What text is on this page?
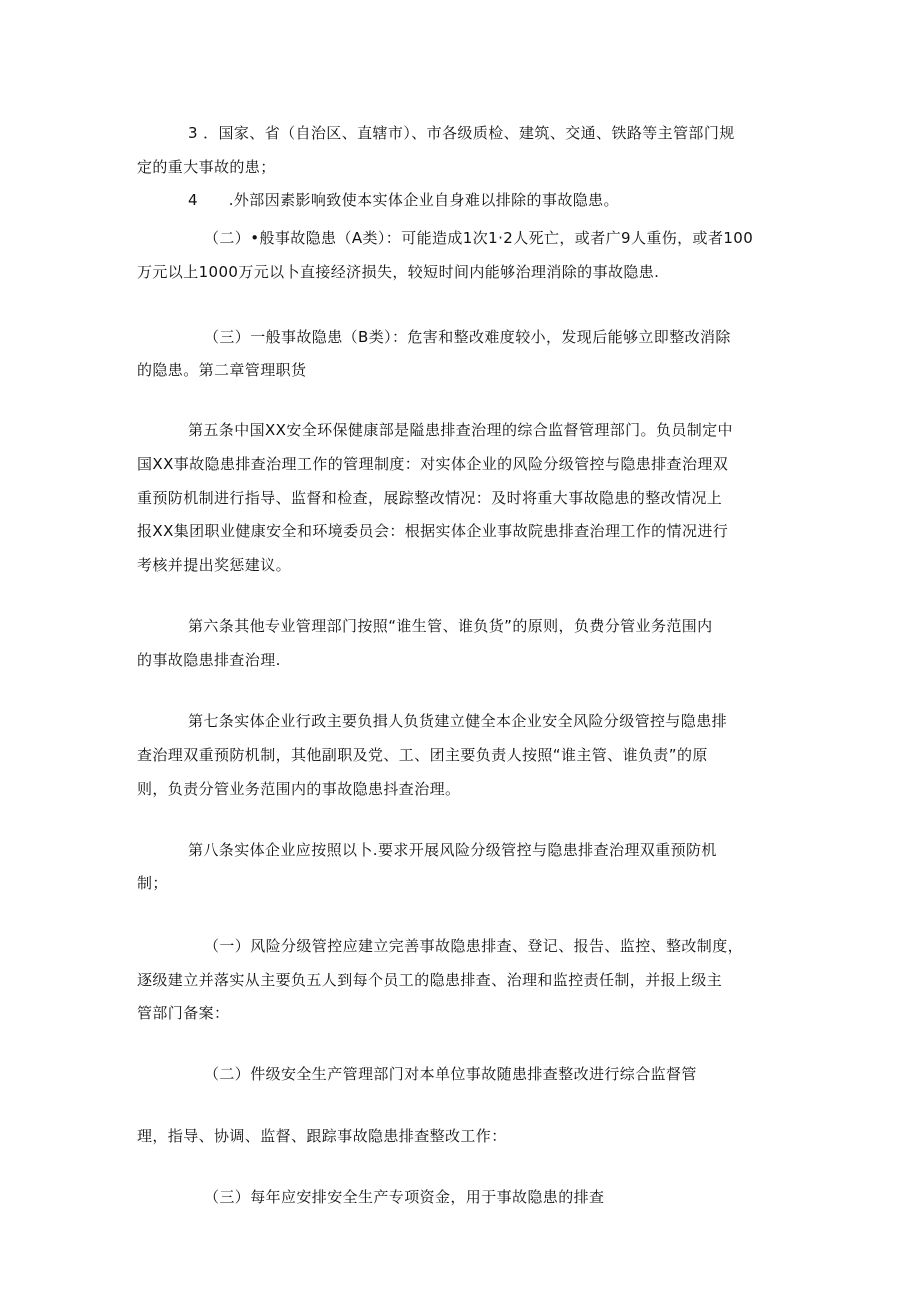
3 ．国家、省（自治区、直辖市）、市各级质检、建筑、交通、铁路等主管部门规
定的重大事故的患；
4　　.外部因素影响致使本实体企业自身难以排除的事故隐患。
（二）•般事故隐患（A类）：可能造成1次1·2人死亡，或者广9人重伤，或者100
万元以上1000万元以卜直接经济损失，较短时间内能够治理消除的事故隐患.
（三）一般事故隐患（B类）：危害和整改难度较小，发现后能够立即整改消除
的隐患。第二章管理职货
第五条中国XX安全环保健康部是隘患排查治理的综合监督管理部门。负员制定中
国XX事故隐患排查治理工作的管理制度：对实体企业的风险分级管控与隐患排查治理双
重预防机制进行指导、监督和检查，展踪整改情况：及时将重大事故隐患的整改情况上
报XX集团职业健康安全和环境委员会：根据实体企业事故院患排查治理工作的情况进行
考核并提出奖惩建议。
第六条其他专业管理部门按照“谁生管、谁负货”的原则，负费分管业务范围内
的事故隐患排查治理.
第七条实体企业行政主要负揖人负货建立健全本企业安全风险分级管控与隐患排
查治理双重预防机制，其他副职及党、工、团主要负责人按照“谁主管、谁负责”的原
则，负责分管业务范围内的事故隐患抖查治理。
第八条实体企业应按照以卜.要求开展风险分级管控与隐患排查治理双重预防机
制；
（一）风险分级管控应建立完善事故隐患排查、登记、报告、监控、整改制度，
逐级建立并落实从主要负五人到每个员工的隐患排查、治理和监控责任制，并报上级主
管部门备案：
（二）件级安全生产管理部门对本单位事故随患排查整改进行综合监督管
理，指导、协调、监督、跟踪事故隐患排查整改工作：
（三）每年应安排安全生产专项资金，用于事故隐患的排查
